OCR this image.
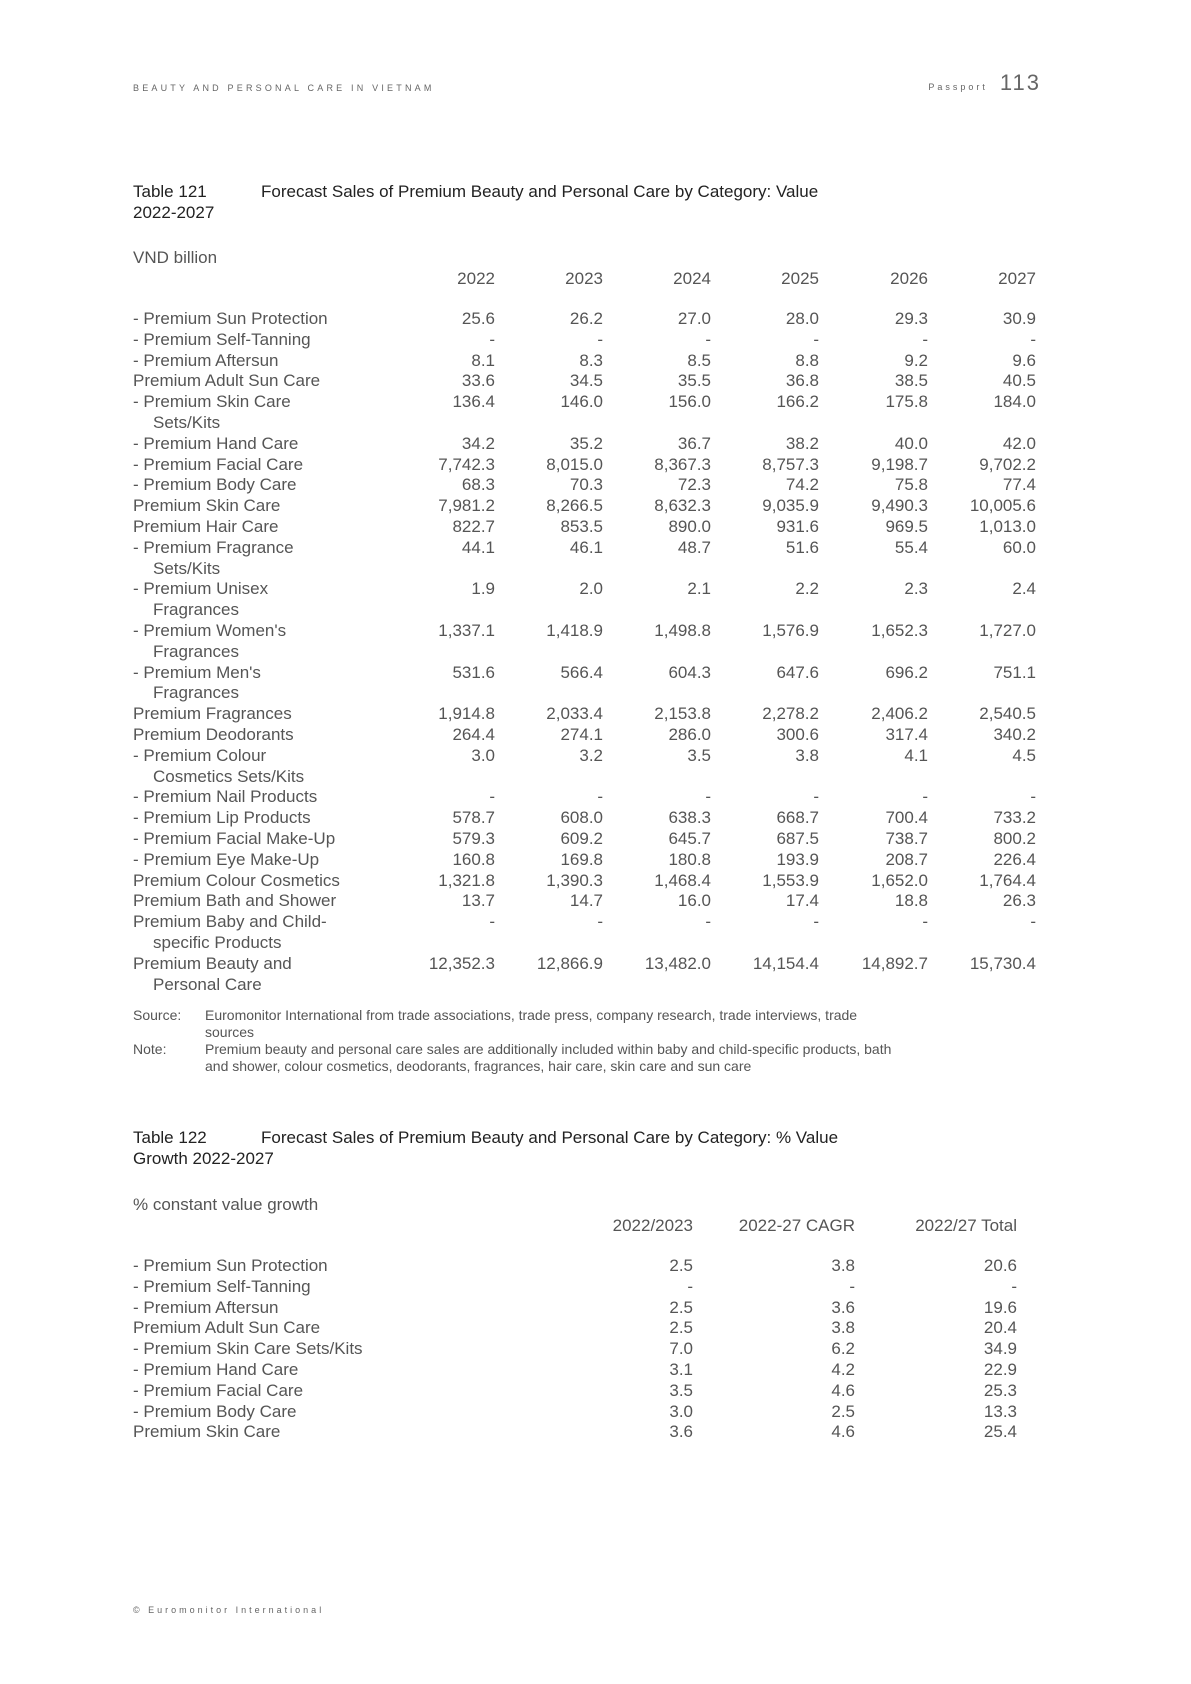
BEAUTY AND PERSONAL CARE IN VIETNAM	Passport 113
Table 121	Forecast Sales of Premium Beauty and Personal Care by Category: Value
2022-2027
VND billion
2022	2023	2024	2025	2026	2027
- Premium Sun Protection	25.6	26.2	27.0	28.0	29.3	30.9
- Premium Self-Tanning	-	-	-	-	-	-
- Premium Aftersun	8.1	8.3	8.5	8.8	9.2	9.6
Premium Adult Sun Care	33.6	34.5	35.5	36.8	38.5	40.5
- Premium Skin Care
Sets/Kits	136.4	146.0	156.0	166.2	175.8	184.0
- Premium Hand Care	34.2	35.2	36.7	38.2	40.0	42.0
- Premium Facial Care	7,742.3	8,015.0	8,367.3	8,757.3	9,198.7	9,702.2
- Premium Body Care	68.3	70.3	72.3	74.2	75.8	77.4
Premium Skin Care	7,981.2	8,266.5	8,632.3	9,035.9	9,490.3	10,005.6
Premium Hair Care	822.7	853.5	890.0	931.6	969.5	1,013.0
- Premium Fragrance
Sets/Kits	44.1	46.1	48.7	51.6	55.4	60.0
- Premium Unisex
Fragrances	1.9	2.0	2.1	2.2	2.3	2.4
- Premium Women's
Fragrances	1,337.1	1,418.9	1,498.8	1,576.9	1,652.3	1,727.0
- Premium Men's
Fragrances	531.6	566.4	604.3	647.6	696.2	751.1
Premium Fragrances	1,914.8	2,033.4	2,153.8	2,278.2	2,406.2	2,540.5
Premium Deodorants	264.4	274.1	286.0	300.6	317.4	340.2
- Premium Colour
Cosmetics Sets/Kits	3.0	3.2	3.5	3.8	4.1	4.5
- Premium Nail Products	-	-	-	-	-	-
- Premium Lip Products	578.7	608.0	638.3	668.7	700.4	733.2
- Premium Facial Make-Up	579.3	609.2	645.7	687.5	738.7	800.2
- Premium Eye Make-Up	160.8	169.8	180.8	193.9	208.7	226.4
Premium Colour Cosmetics	1,321.8	1,390.3	1,468.4	1,553.9	1,652.0	1,764.4
Premium Bath and Shower	13.7	14.7	16.0	17.4	18.8	26.3
Premium Baby and Child-
specific Products	-	-	-	-	-	-
Premium Beauty and
Personal Care	12,352.3	12,866.9	13,482.0	14,154.4	14,892.7	15,730.4
Source:	Euromonitor International from trade associations, trade press, company research, trade interviews, trade sources
Note:	Premium beauty and personal care sales are additionally included within baby and child-specific products, bath and shower, colour cosmetics, deodorants, fragrances, hair care, skin care and sun care
Table 122	Forecast Sales of Premium Beauty and Personal Care by Category: % Value
Growth 2022-2027
% constant value growth
2022/2023	2022-27 CAGR	2022/27 Total
- Premium Sun Protection	2.5	3.8	20.6
- Premium Self-Tanning	-	-	-
- Premium Aftersun	2.5	3.6	19.6
Premium Adult Sun Care	2.5	3.8	20.4
- Premium Skin Care Sets/Kits	7.0	6.2	34.9
- Premium Hand Care	3.1	4.2	22.9
- Premium Facial Care	3.5	4.6	25.3
- Premium Body Care	3.0	2.5	13.3
Premium Skin Care	3.6	4.6	25.4
© Euromonitor International
